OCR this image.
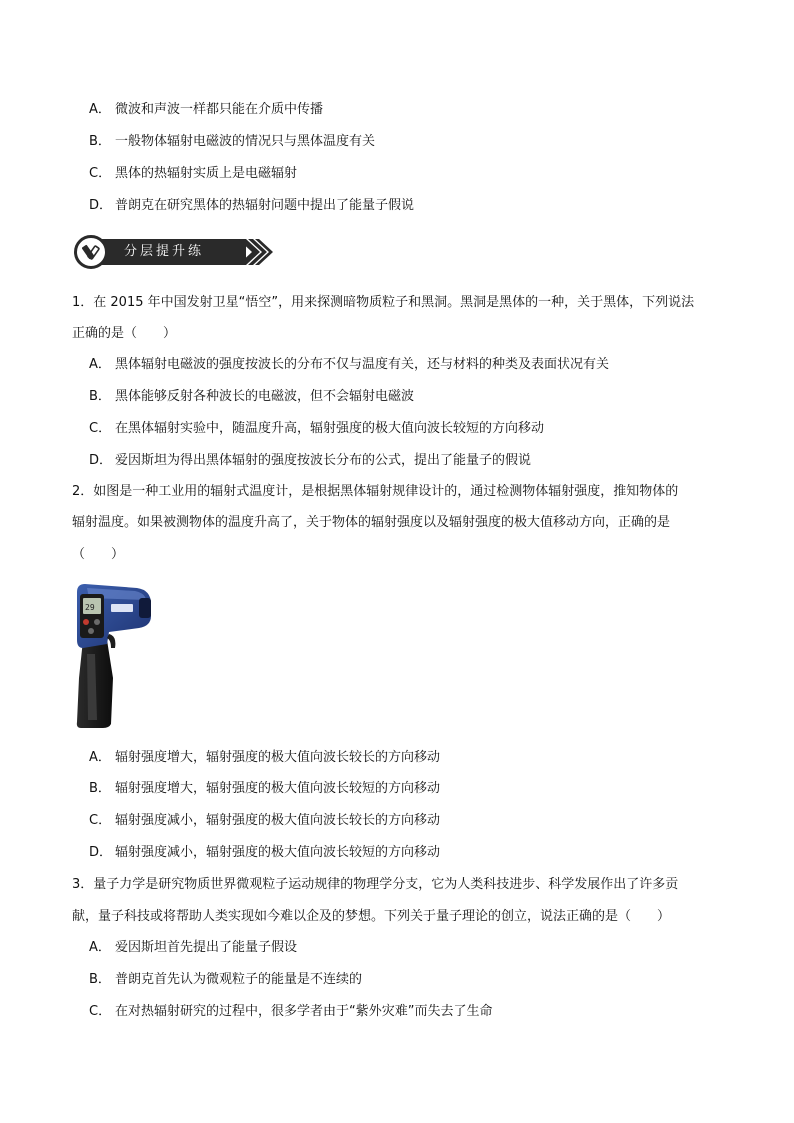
A． 微波和声波一样都只能在介质中传播
B． 一般物体辐射电磁波的情况只与黑体温度有关
C． 黑体的热辐射实质上是电磁辐射
D． 普朗克在研究黑体的热辐射问题中提出了能量子假说
分层提升练
1．在 2015 年中国发射卫星“悟空”，用来探测暗物质粒子和黑洞。黑洞是黑体的一种，关于黑体，下列说法
正确的是（　　）
A． 黑体辐射电磁波的强度按波长的分布不仅与温度有关，还与材料的种类及表面状况有关
B． 黑体能够反射各种波长的电磁波，但不会辐射电磁波
C． 在黑体辐射实验中，随温度升高，辐射强度的极大值向波长较短的方向移动
D． 爱因斯坦为得出黑体辐射的强度按波长分布的公式，提出了能量子的假说
2．如图是一种工业用的辐射式温度计，是根据黑体辐射规律设计的，通过检测物体辐射强度，推知物体的
辐射温度。如果被测物体的温度升高了，关于物体的辐射强度以及辐射强度的极大值移动方向，正确的是
（　　）
29
A． 辐射强度增大，辐射强度的极大值向波长较长的方向移动
B． 辐射强度增大，辐射强度的极大值向波长较短的方向移动
C． 辐射强度减小，辐射强度的极大值向波长较长的方向移动
D． 辐射强度减小，辐射强度的极大值向波长较短的方向移动
3．量子力学是研究物质世界微观粒子运动规律的物理学分支，它为人类科技进步、科学发展作出了许多贡
献，量子科技或将帮助人类实现如今难以企及的梦想。下列关于量子理论的创立，说法正确的是（　　）
A． 爱因斯坦首先提出了能量子假设
B． 普朗克首先认为微观粒子的能量是不连续的
C． 在对热辐射研究的过程中，很多学者由于“紫外灾难”而失去了生命
